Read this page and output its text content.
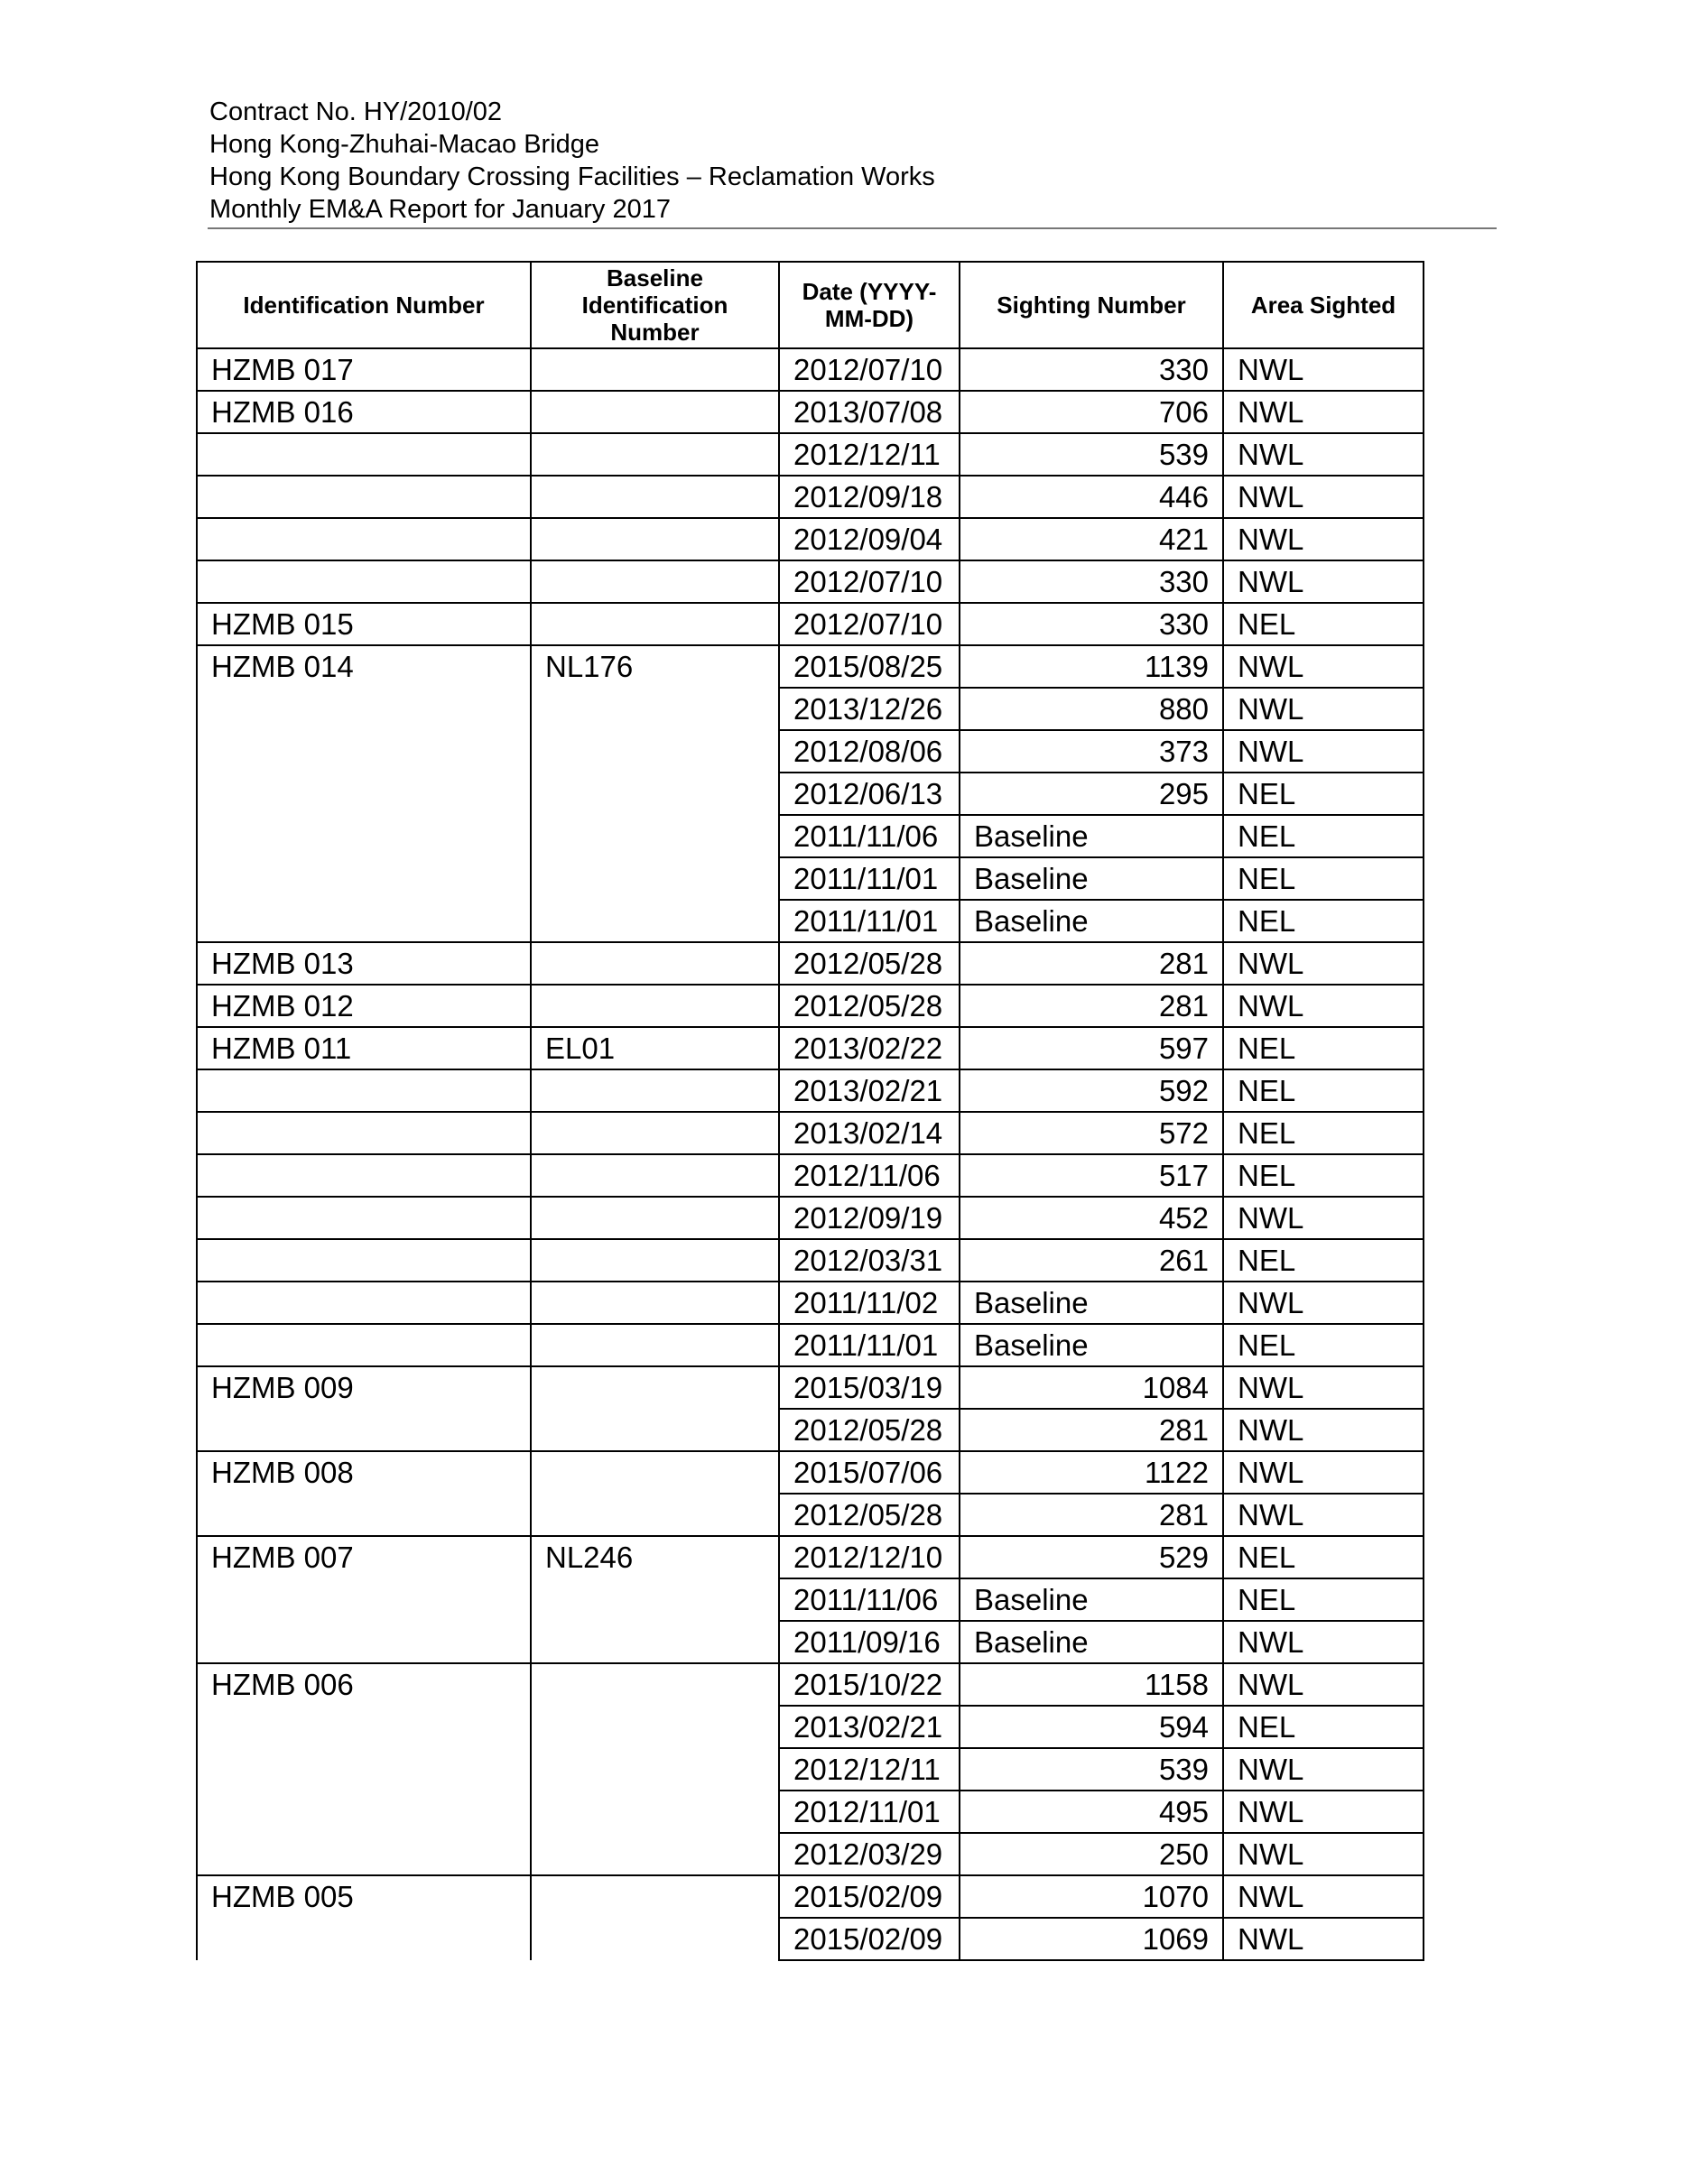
Contract No. HY/2010/02
Hong Kong-Zhuhai-Macao Bridge
Hong Kong Boundary Crossing Facilities – Reclamation Works
Monthly EM&A Report for January 2017
Identification Number	Baseline Identification Number	Date (YYYY-MM-DD)	Sighting Number	Area Sighted
HZMB 017		2012/07/10	330	NWL
HZMB 016		2013/07/08	706	NWL
		2012/12/11	539	NWL
		2012/09/18	446	NWL
		2012/09/04	421	NWL
		2012/07/10	330	NWL
HZMB 015		2012/07/10	330	NEL
HZMB 014	NL176	2015/08/25	1139	NWL
		2013/12/26	880	NWL
		2012/08/06	373	NWL
		2012/06/13	295	NEL
		2011/11/06	Baseline	NEL
		2011/11/01	Baseline	NEL
		2011/11/01	Baseline	NEL
HZMB 013		2012/05/28	281	NWL
HZMB 012		2012/05/28	281	NWL
HZMB 011	EL01	2013/02/22	597	NEL
		2013/02/21	592	NEL
		2013/02/14	572	NEL
		2012/11/06	517	NEL
		2012/09/19	452	NWL
		2012/03/31	261	NEL
		2011/11/02	Baseline	NWL
		2011/11/01	Baseline	NEL
HZMB 009		2015/03/19	1084	NWL
		2012/05/28	281	NWL
HZMB 008		2015/07/06	1122	NWL
		2012/05/28	281	NWL
HZMB 007	NL246	2012/12/10	529	NEL
		2011/11/06	Baseline	NEL
		2011/09/16	Baseline	NWL
HZMB 006		2015/10/22	1158	NWL
		2013/02/21	594	NEL
		2012/12/11	539	NWL
		2012/11/01	495	NWL
		2012/03/29	250	NWL
HZMB 005		2015/02/09	1070	NWL
		2015/02/09	1069	NWL
